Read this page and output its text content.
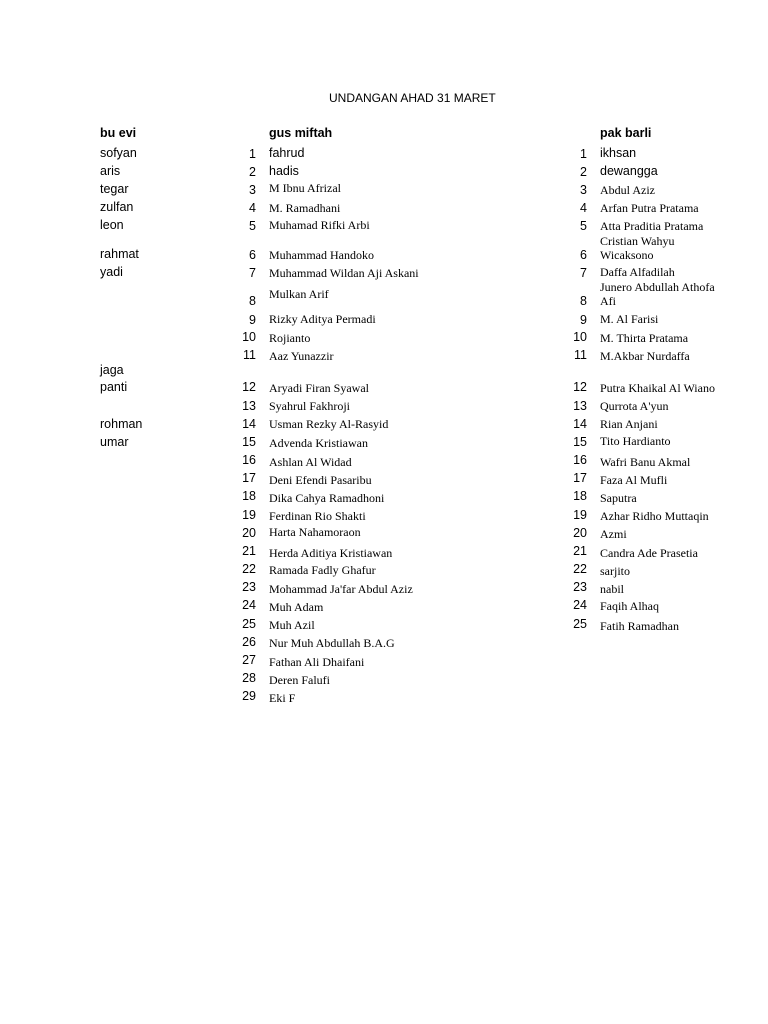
UNDANGAN AHAD 31 MARET
bu evi	gus miftah	pak barli
sofyan
aris
tegar
zulfan
leon
rahmat
yadi
jaga
panti
rohman
umar
1 fahrud
2 hadis
3 M Ibnu Afrizal
4 M. Ramadhani
5 Muhamad Rifki Arbi
6 Muhammad Handoko
7 Muhammad Wildan Aji Askani
8 Mulkan Arif
9 Rizky Aditya Permadi
10 Rojianto
11 Aaz Yunazzir
12 Aryadi Firan Syawal
13 Syahrul Fakhroji
14 Usman Rezky Al-Rasyid
15 Advenda Kristiawan
16 Ashlan Al Widad
17 Deni Efendi Pasaribu
18 Dika Cahya Ramadhoni
19 Ferdinan Rio Shakti
20 Harta Nahamoraon
21 Herda Aditiya Kristiawan
22 Ramada Fadly Ghafur
23 Mohammad Ja'far Abdul Aziz
24 Muh Adam
25 Muh Azil
26 Nur Muh Abdullah B.A.G
27 Fathan Ali Dhaifani
28 Deren Falufi
29 Eki F
1 ikhsan
2 dewangga
3 Abdul Aziz
4 Arfan Putra Pratama
5 Atta Praditia Pratama
6
Cristian Wahyu
Wicaksono
7 Daffa Alfadilah
8
Junero Abdullah Athofa
Afi
9 M. Al Farisi
10 M. Thirta Pratama
11 M.Akbar Nurdaffa
12 Putra Khaikal Al Wiano
13 Qurrota A'yun
14 Rian Anjani
15 Tito Hardianto
16 Wafri Banu Akmal
17 Faza Al Mufli
18 Saputra
19 Azhar Ridho Muttaqin
20 Azmi
21 Candra Ade Prasetia
22 sarjito
23 nabil
24 Faqih Alhaq
25 Fatih Ramadhan
